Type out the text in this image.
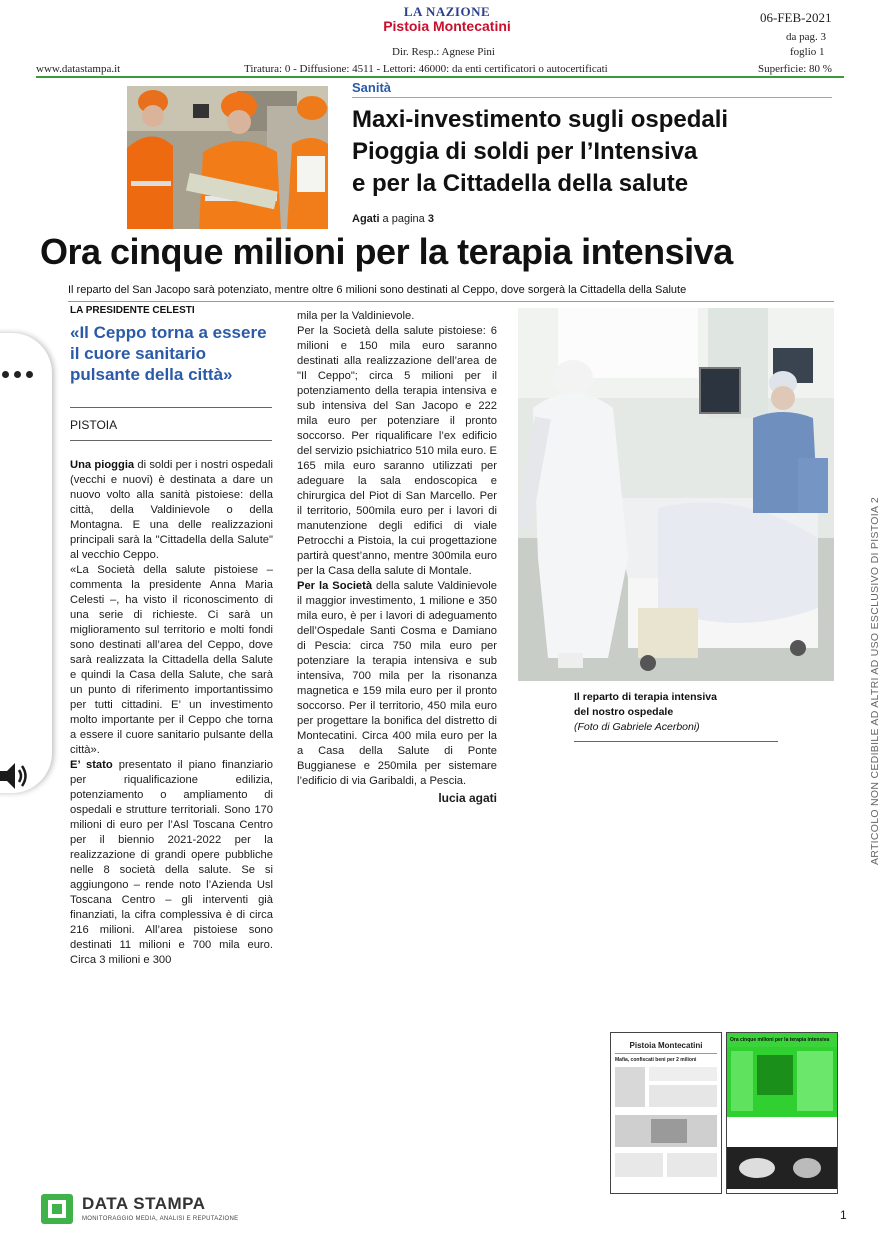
LA NAZIONE
Pistoia Montecatini
06-FEB-2021
da pag. 3
foglio 1
Dir. Resp.: Agnese Pini
www.datastampa.it	Tiratura: 0 - Diffusione: 4511 - Lettori: 46000: da enti certificatori o autocertificati	Superficie: 80 %
Sanità
Maxi-investimento sugli ospedali
Pioggia di soldi per l’Intensiva
e per la Cittadella della salute
Agati a pagina 3
Ora cinque milioni per la terapia intensiva
Il reparto del San Jacopo sarà potenziato, mentre oltre 6 milioni sono destinati al Ceppo, dove sorgerà la Cittadella della Salute
LA PRESIDENTE CELESTI
«Il Ceppo torna a essere il cuore sanitario pulsante della città»
PISTOIA

Una pioggia di soldi per i nostri ospedali (vecchi e nuovi) è destinata a dare un nuovo volto alla sanità pistoiese: della città, della Valdinievole o della Montagna. E una delle realizzazioni principali sarà la "Cittadella della Salute" al vecchio Ceppo.

«La Società della salute pistoiese – commenta la presidente Anna Maria Celesti –, ha visto il riconoscimento di una serie di richieste. Ci sarà un miglioramento sul territorio e molti fondi sono destinati all’area del Ceppo, dove sarà realizzata la Cittadella della Salute e quindi la Casa della Salute, che sarà un punto di riferimento importantissimo per tutti cittadini. E’ un investimento molto importante per il Ceppo che torna a essere il cuore sanitario pulsante della città».

E’ stato presentato il piano finanziario per riqualificazione edilizia, potenziamento o ampliamento di ospedali e strutture territoriali. Sono 170 milioni di euro per l’Asl Toscana Centro per il biennio 2021-2022 per la realizzazione di grandi opere pubbliche nelle 8 società della salute. Se si aggiungono – rende noto l’Azienda Usl Toscana Centro – gli interventi già finanziati, la cifra complessiva è di circa 216 milioni. All’area pistoiese sono destinati 11 milioni e 700 mila euro. Circa 3 milioni e 300

mila per la Valdinievole.

Per la Società della salute pistoiese: 6 milioni e 150 mila euro saranno destinati alla realizzazione dell’area de "Il Ceppo"; circa 5 milioni per il potenziamento della terapia intensiva e sub intensiva del San Jacopo e 222 mila euro per potenziare il pronto soccorso. Per riqualificare l’ex edificio del servizio psichiatrico 510 mila euro. E 165 mila euro saranno utilizzati per adeguare la sala endoscopica e chirurgica del Piot di San Marcello. Per il territorio, 500mila euro per i lavori di manutenzione degli edifici di viale Petrocchi a Pistoia, la cui progettazione partirà quest’anno, mentre 300mila euro per la Casa della salute di Montale.

Per la Società della salute Valdinievole il maggior investimento, 1 milione e 350 mila euro, è per i lavori di adeguamento dell’Ospedale Santi Cosma e Damiano di Pescia: circa 750 mila euro per potenziare la terapia intensiva e sub intensiva, 700 mila per la risonanza magnetica e 159 mila euro per il pronto soccorso. Per il territorio, 450 mila euro per progettare la bonifica del distretto di Montecatini. Circa 400 mila euro per la a Casa della Salute di Ponte Buggianese e 250mila per sistemare l’edificio di via Garibaldi, a Pescia.

lucia agati

Il reparto di terapia intensiva
del nostro ospedale
(Foto di Gabriele Acerboni)	ARTICOLO NON CEDIBILE AD ALTRI AD USO ESCLUSIVO DI PISTOIA 2
Pistoia Montecatini
Mafia, confiscati beni per 2 milioni
Ora cinque milioni per la terapia intensiva
DATA STAMPA
MONITORAGGIO MEDIA, ANALISI E REPUTAZIONE	1
